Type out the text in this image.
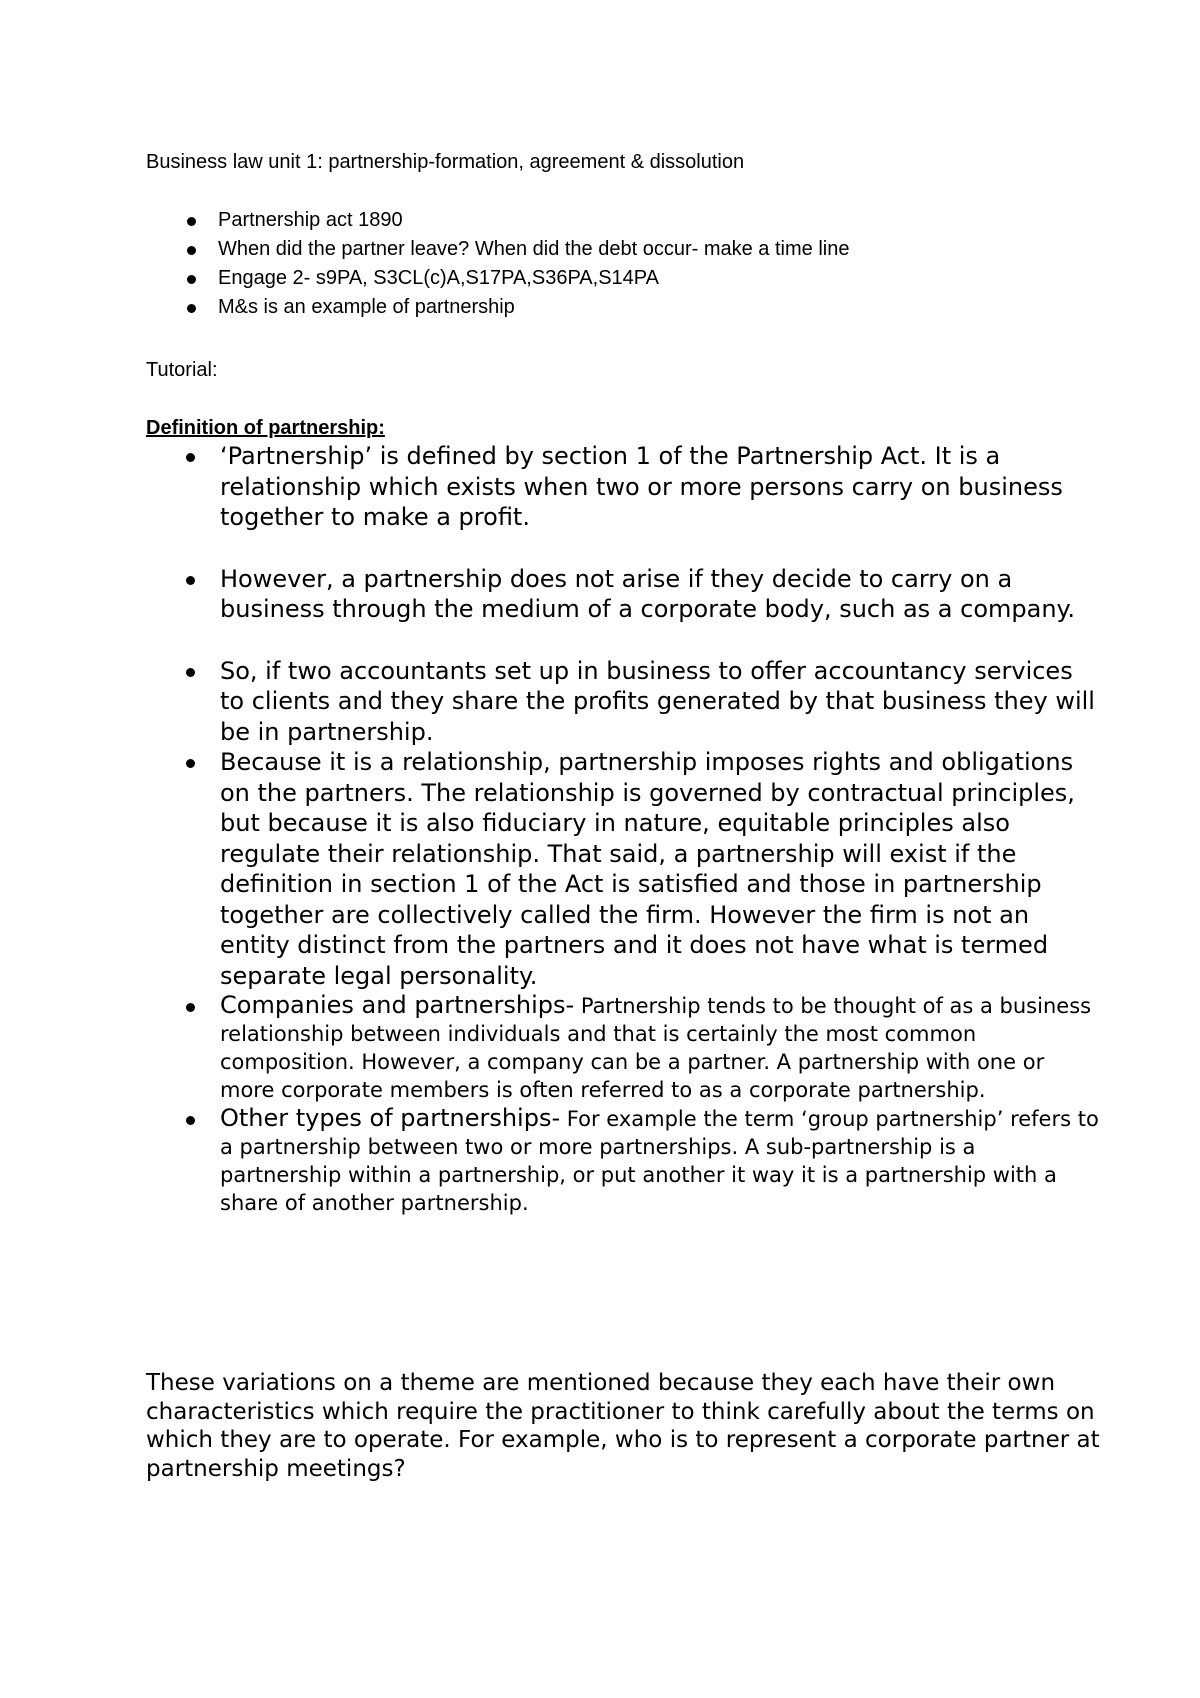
Business law unit 1: partnership-formation, agreement & dissolution

Partnership act 1890
When did the partner leave? When did the debt occur- make a time line
Engage 2- s9PA, S3CL(c)A,S17PA,S36PA,S14PA
M&s is an example of partnership

Tutorial:

Definition of partnership:

‘Partnership’ is defined by section 1 of the Partnership Act. It is a relationship which exists when two or more persons carry on business together to make a profit.
However, a partnership does not arise if they decide to carry on a business through the medium of a corporate body, such as a company.
So, if two accountants set up in business to offer accountancy services to clients and they share the profits generated by that business they will be in partnership.
Because it is a relationship, partnership imposes rights and obligations on the partners. The relationship is governed by contractual principles, but because it is also fiduciary in nature, equitable principles also regulate their relationship. That said, a partnership will exist if the definition in section 1 of the Act is satisfied and those in partnership together are collectively called the firm. However the firm is not an entity distinct from the partners and it does not have what is termed separate legal personality.
Companies and partnerships- Partnership tends to be thought of as a business relationship between individuals and that is certainly the most common composition. However, a company can be a partner. A partnership with one or more corporate members is often referred to as a corporate partnership.
Other types of partnerships- For example the term ‘group partnership’ refers to a partnership between two or more partnerships. A sub-partnership is a partnership within a partnership, or put another it way it is a partnership with a share of another partnership.

These variations on a theme are mentioned because they each have their own characteristics which require the practitioner to think carefully about the terms on which they are to operate. For example, who is to represent a corporate partner at partnership meetings?
